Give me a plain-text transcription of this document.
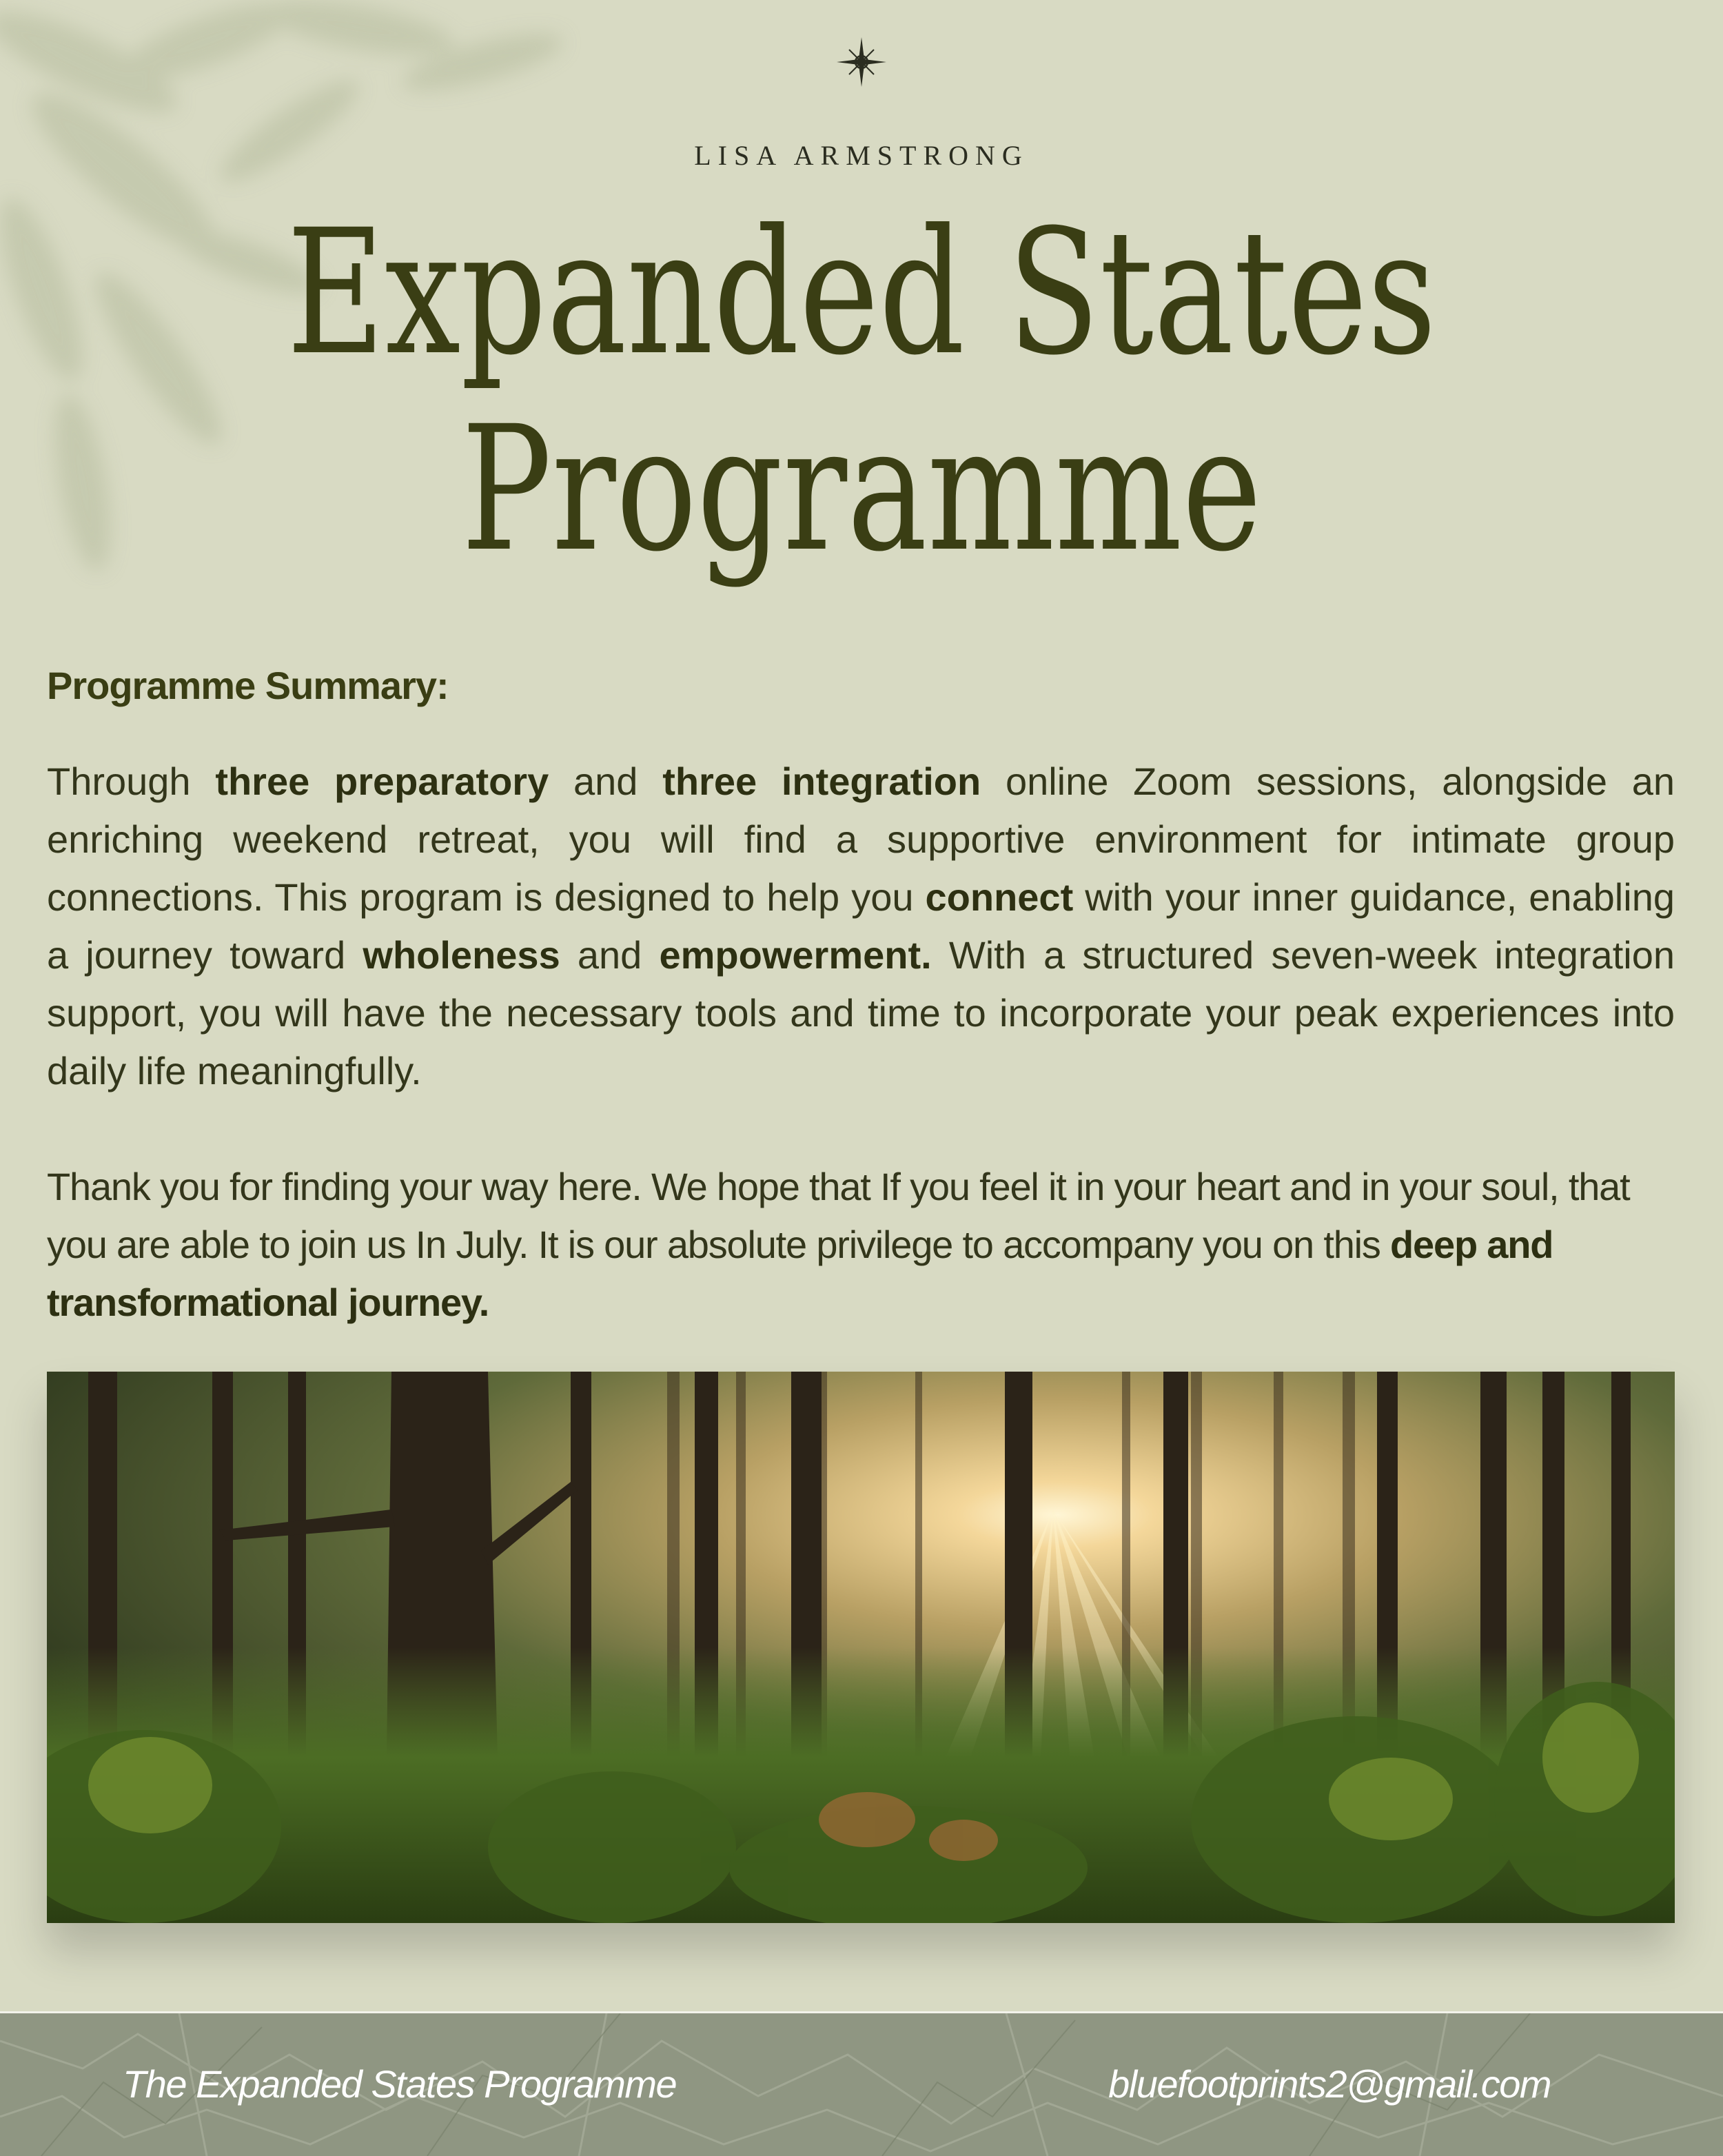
LISA ARMSTRONG
Expanded States
Programme
Programme Summary:
Through three preparatory and three integration online Zoom sessions, alongside an enriching weekend retreat, you will find a supportive environment for intimate group connections. This program is designed to help you connect with your inner guidance, enabling a journey toward wholeness and empowerment. With a structured seven-week integration support, you will have the necessary tools and time to incorporate your peak experiences into daily life meaningfully.
Thank you for finding your way here. We hope that If you feel it in your heart and in your soul, that you are able to join us In July. It is our absolute privilege to accompany you on this deep and transformational journey.
The Expanded States Programme	bluefootprints2@gmail.com
